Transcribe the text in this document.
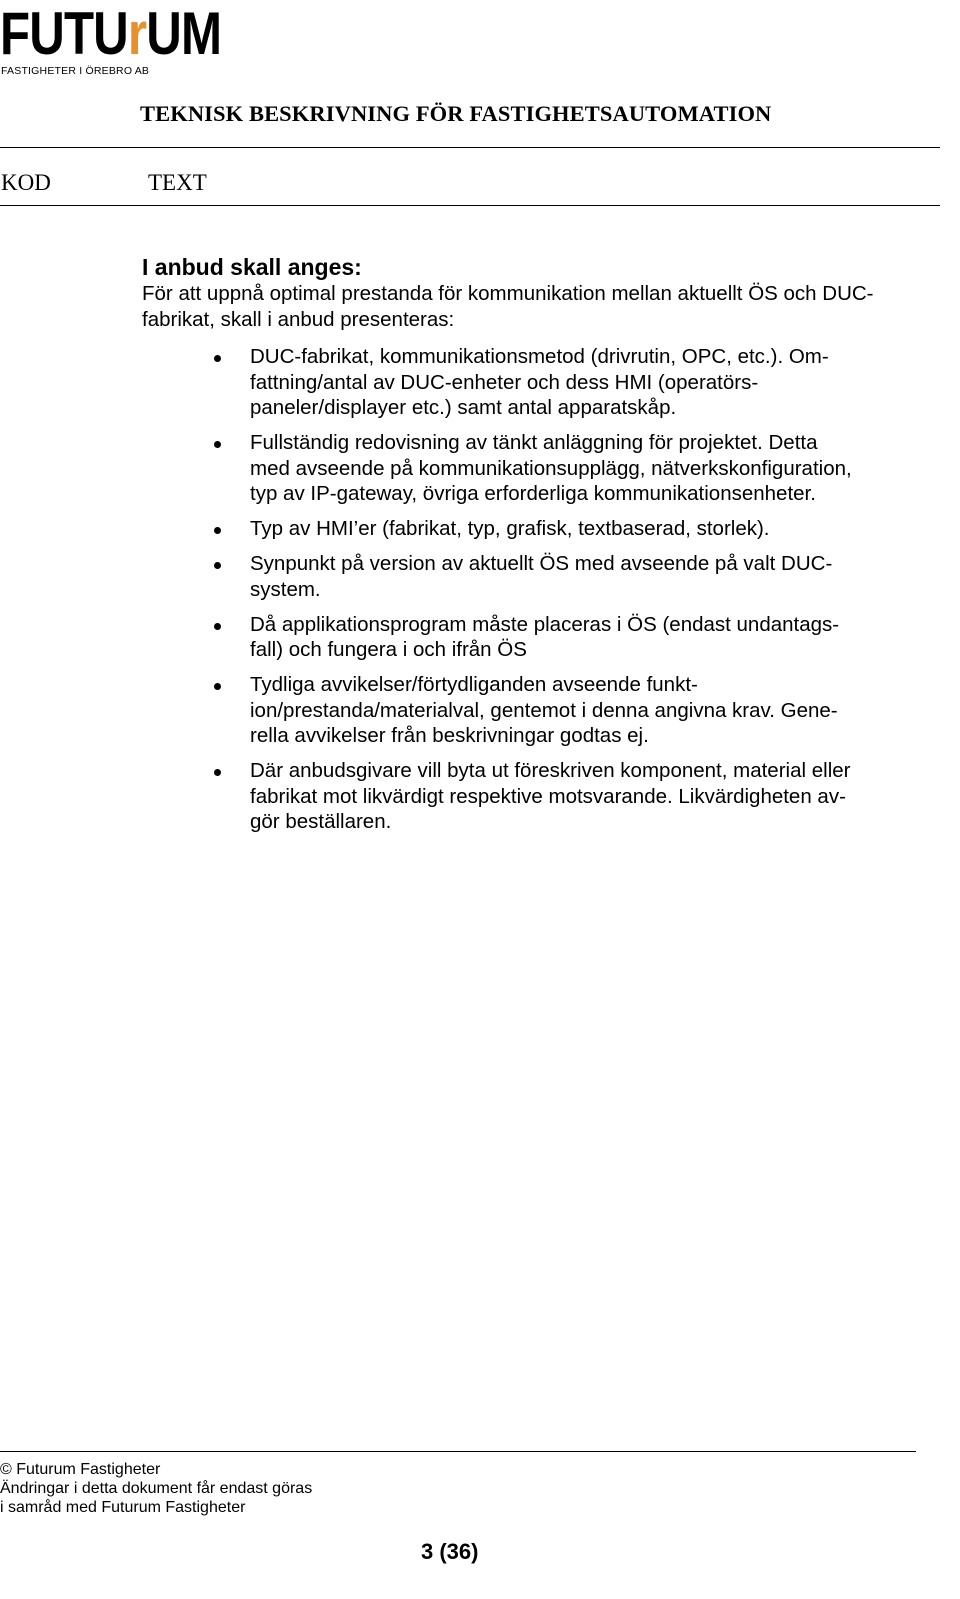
FUTUrUM
FASTIGHETER I ÖREBRO AB
TEKNISK BESKRIVNING FÖR FASTIGHETSAUTOMATION
KOD	TEXT
I anbud skall anges:
För att uppnå optimal prestanda för kommunikation mellan aktuellt ÖS och DUC-
fabrikat, skall i anbud presenteras:
DUC-fabrikat, kommunikationsmetod (drivrutin, OPC, etc.). Om-
fattning/antal av DUC-enheter och dess HMI (operatörs-
paneler/displayer etc.) samt antal apparatskåp.
Fullständig redovisning av tänkt anläggning för projektet. Detta
med avseende på kommunikationsupplägg, nätverkskonfiguration,
typ av IP-gateway, övriga erforderliga kommunikationsenheter.
Typ av HMI’er (fabrikat, typ, grafisk, textbaserad, storlek).
Synpunkt på version av aktuellt ÖS med avseende på valt DUC-
system.
Då applikationsprogram måste placeras i ÖS (endast undantags-
fall) och fungera i och ifrån ÖS
Tydliga avvikelser/förtydliganden avseende funkt-
ion/prestanda/materialval, gentemot i denna angivna krav. Gene-
rella avvikelser från beskrivningar godtas ej.
Där anbudsgivare vill byta ut föreskriven komponent, material eller
fabrikat mot likvärdigt respektive motsvarande. Likvärdigheten av-
gör beställaren.
© Futurum Fastigheter
Ändringar i detta dokument får endast göras
i samråd med Futurum Fastigheter
3 (36)
